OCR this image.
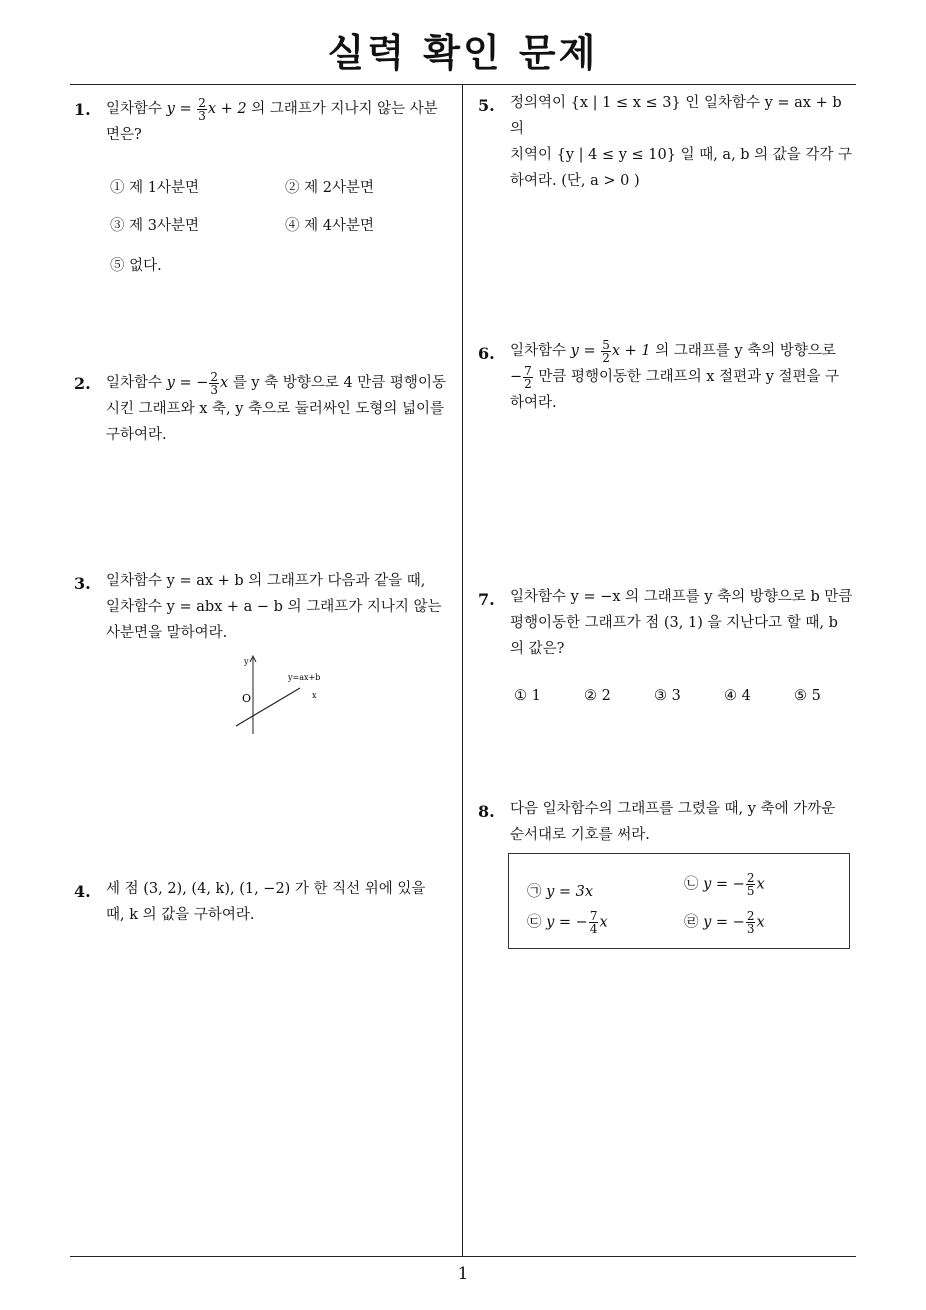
실력 확인 문제
1. 일차함수 $y = \frac{2}{3}$ x + 2 의 그래프가 지나지 않는 사분
면은?
① 제 1사분면	② 제 2사분면
③ 제 3사분면	④ 제 4사분면
⑤ 없다.
2. 일차함수 y = − $\frac{2}{3}$ x 를 y 축 방향으로 4 만큼 평행이동
시킨 그래프와 x 축, y 축으로 둘러싸인 도형의 넓이를
구하여라.
3. 일차함수 y = ax + b 의 그래프가 다음과 같을 때,
일차함수 y = abx + a − b 의 그래프가 지나지 않는
사분면을 말하여라.
y
O
y=ax+b
x
4. 세 점 (3, 2), (4, k), (1, −2) 가 한 직선 위에 있을
때, k 의 값을 구하여라.
5. 정의역이 {x | 1 ≤ x ≤ 3} 인 일차함수 y = ax + b 의
치역이 {y | 4 ≤ y ≤ 10} 일 때, a, b 의 값을 각각 구
하여라. (단, a > 0 )
6. 일차함수 $y = \frac{5}{2}$ x + 1 의 그래프를 y 축의 방향으로
− $\frac{7}{2}$ 만큼 평행이동한 그래프의 x 절편과 y 절편을 구
하여라.
7. 일차함수 y = −x 의 그래프를 y 축의 방향으로 b 만큼
평행이동한 그래프가 점 (3, 1) 을 지난다고 할 때, b
의 값은?
① 1	② 2	③ 3	④ 4	⑤ 5
8. 다음 일차함수의 그래프를 그렸을 때, y 축에 가까운
순서대로 기호를 써라.
㉠ y = 3x	㉡ y = − $\frac{2}{5}$ x
㉢ y = − $\frac{7}{4}$ x	㉣ y = − $\frac{2}{3}$ x
1
